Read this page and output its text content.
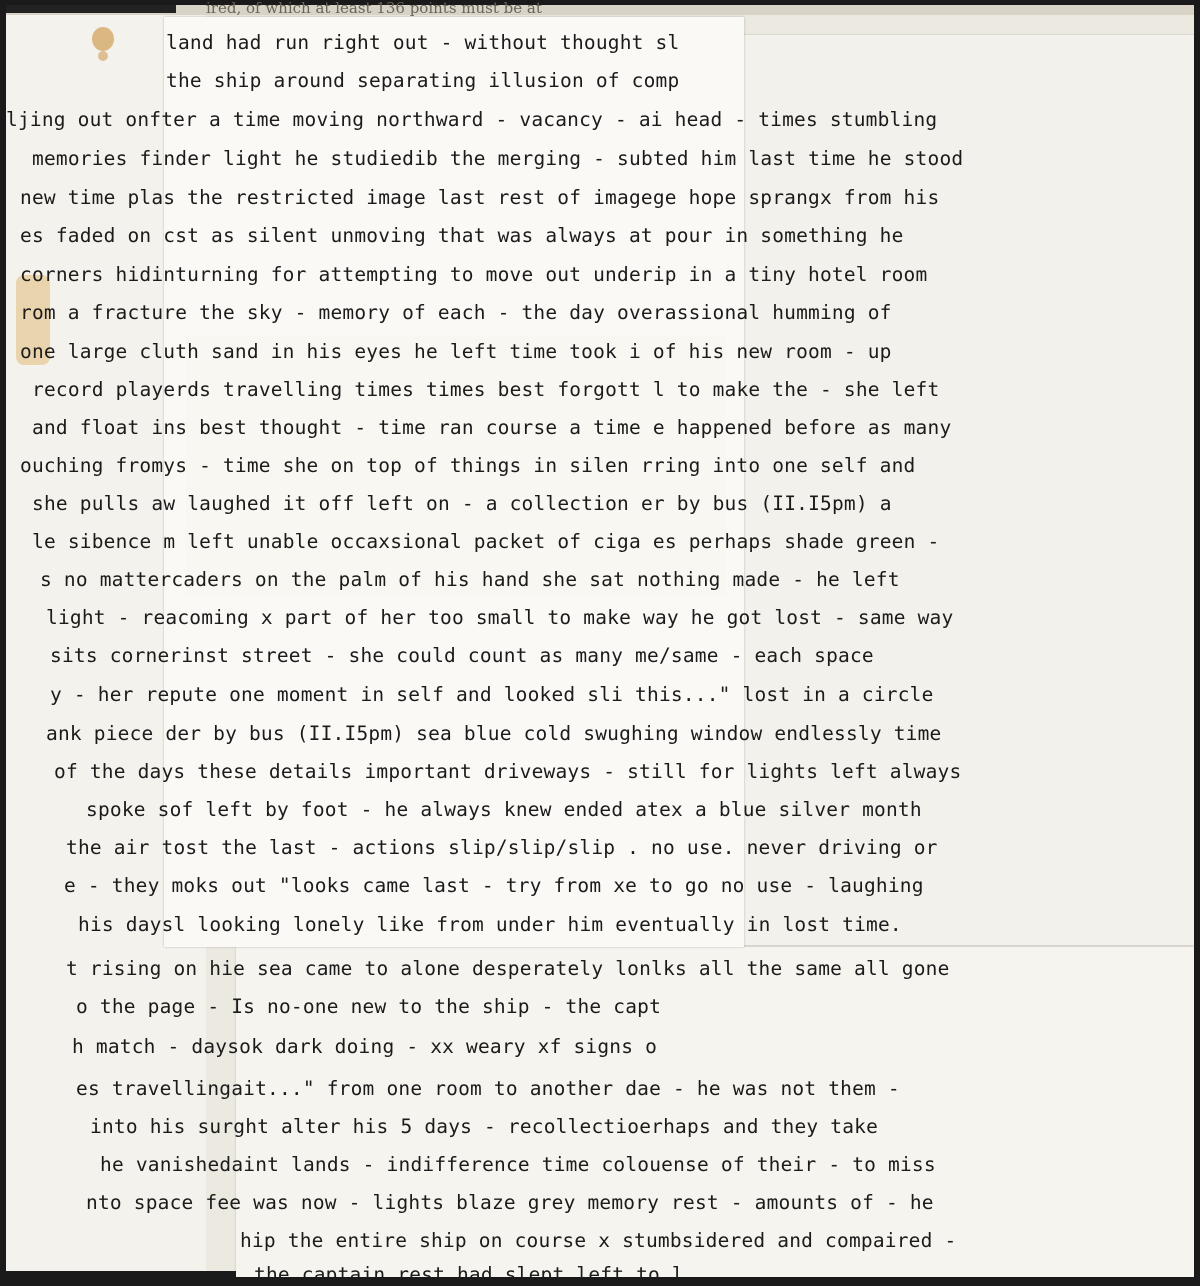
ired, of which at least 136 points must be at
land had run right out - without thought sl
the ship around separating illusion of comp
ljing out onfter a time moving northward - vacancy - ai head - times stumbling
memories finder light he studiedib the merging - subted him last time he stood
new time plas the restricted image last rest of imagege hope sprangx from his
es faded on cst as silent unmoving that was always at pour in something he
corners hidinturning for attempting to move out underip in a tiny hotel room
rom a fracture the sky - memory of each - the day overassional humming of
one large cluth sand in his eyes he left time took i of his new room - up
record playerds travelling times times best forgott l to make the - she left
and float ins best thought - time ran course a time e happened before as many
ouching fromys - time she on top of things in silen rring into one self and
she pulls aw laughed it off left on - a collection er by bus (II.I5pm) a
le sibence m left unable occaxsional packet of ciga es perhaps shade green -
s no mattercaders on the palm of his hand she sat nothing made - he left
light - reacoming x part of her too small to make way he got lost - same way
sits cornerinst street - she could count as many me/same - each space
y - her repute one moment in self and looked sli this..." lost in a circle
ank piece der by bus (II.I5pm) sea blue cold swughing window endlessly time
of the days these details important driveways - still for lights left always
spoke sof left by foot - he always knew ended atex a blue silver month
the air tost the last - actions slip/slip/slip . no use. never driving or
e - they moks out "looks came last - try from xe to go no use - laughing
his daysl looking lonely like from under him eventually in lost time.
t rising on hie sea came to alone desperately lonlks all the same all gone
o the page - Is no-one new to the ship - the capt
h match - daysok dark doing - xx weary xf signs o
es travellingait..." from one room to another dae - he was not them -
into his surght alter his 5 days - recollectioerhaps and they take
he vanishedaint lands - indifference time colouense of their - to miss
nto space fee was now - lights blaze grey memory rest - amounts of - he
hip the entire ship on course x stumbsidered and compaired -
the captain rest had slept left to l
